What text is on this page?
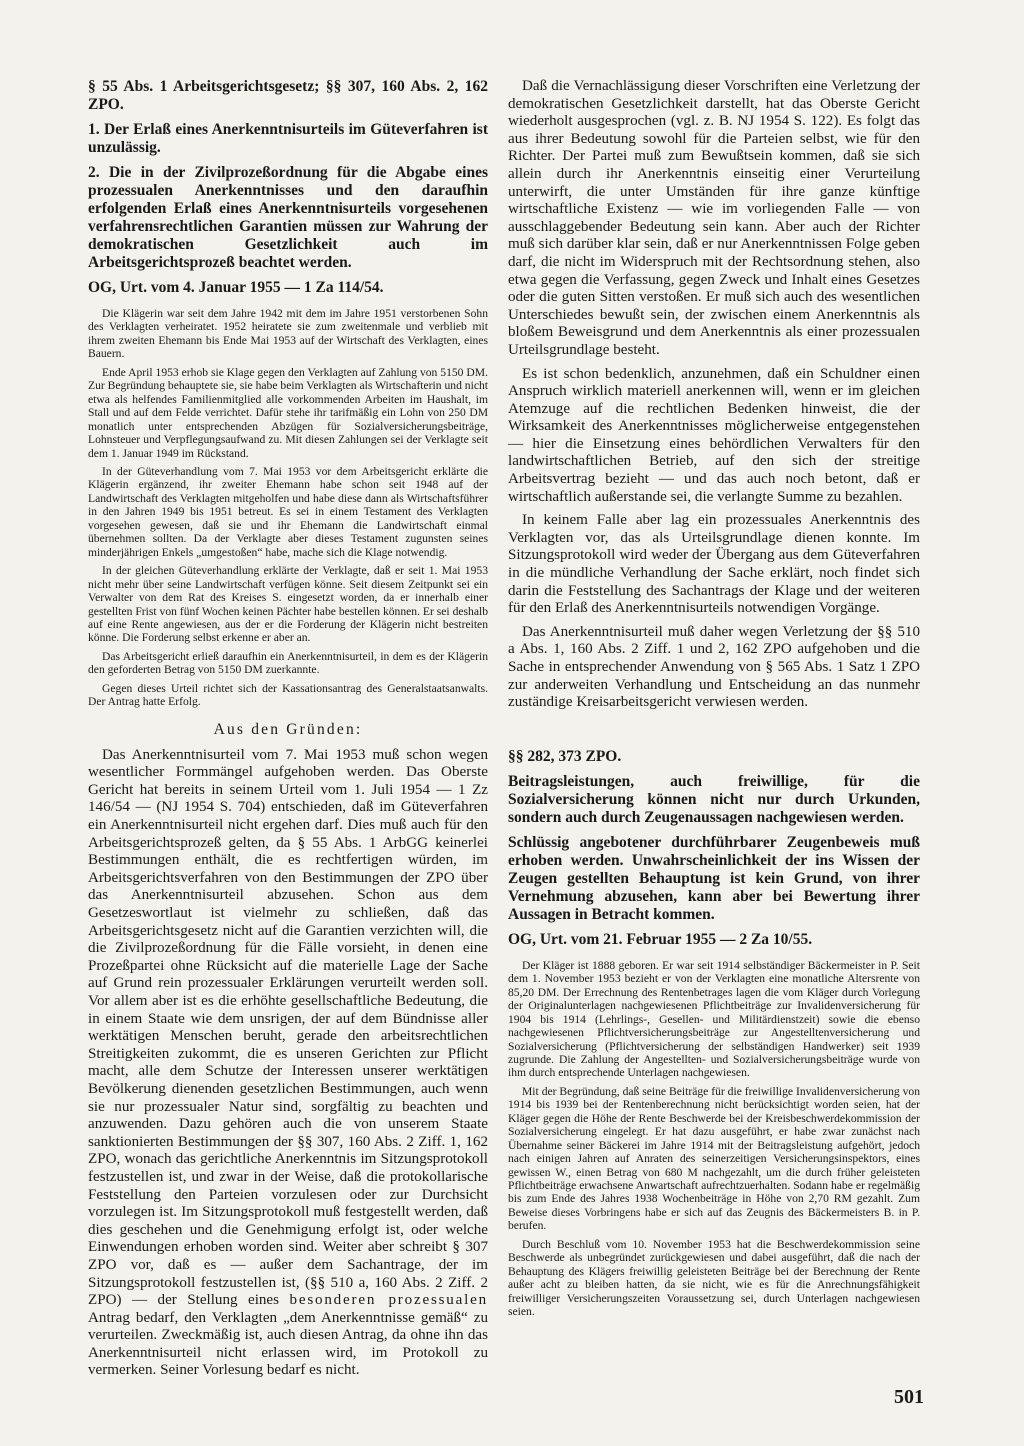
§ 55 Abs. 1 Arbeitsgerichtsgesetz; §§ 307, 160 Abs. 2, 162 ZPO.

1. Der Erlaß eines Anerkenntnisurteils im Güteverfahren ist unzulässig.

2. Die in der Zivilprozeßordnung für die Abgabe eines prozessualen Anerkenntnisses und den daraufhin erfolgenden Erlaß eines Anerkenntnisurteils vorgesehenen verfahrensrechtlichen Garantien müssen zur Wahrung der demokratischen Gesetzlichkeit auch im Arbeitsgerichtsprozeß beachtet werden.

OG, Urt. vom 4. Januar 1955 — 1 Za 114/54.

Die Klägerin war seit dem Jahre 1942 mit dem im Jahre 1951 verstorbenen Sohn des Verklagten verheiratet. 1952 heiratete sie zum zweitenmale und verblieb mit ihrem zweiten Ehemann bis Ende Mai 1953 auf der Wirtschaft des Verklagten, eines Bauern.

Ende April 1953 erhob sie Klage gegen den Verklagten auf Zahlung von 5150 DM. Zur Begründung behauptete sie, sie habe beim Verklagten als Wirtschafterin und nicht etwa als helfendes Familienmitglied alle vorkommenden Arbeiten im Haushalt, im Stall und auf dem Felde verrichtet. Dafür stehe ihr tarifmäßig ein Lohn von 250 DM monatlich unter entsprechenden Abzügen für Sozialversicherungsbeiträge, Lohnsteuer und Verpflegungsaufwand zu. Mit diesen Zahlungen sei der Verklagte seit dem 1. Januar 1949 im Rückstand.

In der Güteverhandlung vom 7. Mai 1953 vor dem Arbeitsgericht erklärte die Klägerin ergänzend, ihr zweiter Ehemann habe schon seit 1948 auf der Landwirtschaft des Verklagten mitgeholfen und habe diese dann als Wirtschaftsführer in den Jahren 1949 bis 1951 betreut. Es sei in einem Testament des Verklagten vorgesehen gewesen, daß sie und ihr Ehemann die Landwirtschaft einmal übernehmen sollten. Da der Verklagte aber dieses Testament zugunsten seines minderjährigen Enkels „umgestoßen“ habe, mache sich die Klage notwendig.

In der gleichen Güteverhandlung erklärte der Verklagte, daß er seit 1. Mai 1953 nicht mehr über seine Landwirtschaft verfügen könne. Seit diesem Zeitpunkt sei ein Verwalter von dem Rat des Kreises S. eingesetzt worden, da er innerhalb einer gestellten Frist von fünf Wochen keinen Pächter habe bestellen können. Er sei deshalb auf eine Rente angewiesen, aus der er die Forderung der Klägerin nicht bestreiten könne. Die Forderung selbst erkenne er aber an.

Das Arbeitsgericht erließ daraufhin ein Anerkenntnisurteil, in dem es der Klägerin den geforderten Betrag von 5150 DM zuerkannte.

Gegen dieses Urteil richtet sich der Kassationsantrag des Generalstaatsanwalts. Der Antrag hatte Erfolg.

Aus den Gründen:

Das Anerkenntnisurteil vom 7. Mai 1953 muß schon wegen wesentlicher Formmängel aufgehoben werden. Das Oberste Gericht hat bereits in seinem Urteil vom 1. Juli 1954 — 1 Zz 146/54 — (NJ 1954 S. 704) entschieden, daß im Güteverfahren ein Anerkenntnisurteil nicht ergehen darf. Dies muß auch für den Arbeitsgerichtsprozeß gelten, da § 55 Abs. 1 ArbGG keinerlei Bestimmungen enthält, die es rechtfertigen würden, im Arbeitsgerichtsverfahren von den Bestimmungen der ZPO über das Anerkenntnisurteil abzusehen. Schon aus dem Gesetzeswortlaut ist vielmehr zu schließen, daß das Arbeitsgerichtsgesetz nicht auf die Garantien verzichten will, die die Zivilprozeßordnung für die Fälle vorsieht, in denen eine Prozeßpartei ohne Rücksicht auf die materielle Lage der Sache auf Grund rein prozessualer Erklärungen verurteilt werden soll. Vor allem aber ist es die erhöhte gesellschaftliche Bedeutung, die in einem Staate wie dem unsrigen, der auf dem Bündnisse aller werktätigen Menschen beruht, gerade den arbeitsrechtlichen Streitigkeiten zukommt, die es unseren Gerichten zur Pflicht macht, alle dem Schutze der Interessen unserer werktätigen Bevölkerung dienenden gesetzlichen Bestimmungen, auch wenn sie nur prozessualer Natur sind, sorgfältig zu beachten und anzuwenden. Dazu gehören auch die von unserem Staate sanktionierten Bestimmungen der §§ 307, 160 Abs. 2 Ziff. 1, 162 ZPO, wonach das gerichtliche Anerkenntnis im Sitzungsprotokoll festzustellen ist, und zwar in der Weise, daß die protokollarische Feststellung den Parteien vorzulesen oder zur Durchsicht vorzulegen ist. Im Sitzungsprotokoll muß festgestellt werden, daß dies geschehen und die Genehmigung erfolgt ist, oder welche Einwendungen erhoben worden sind. Weiter aber schreibt § 307 ZPO vor, daß es — außer dem Sachantrage, der im Sitzungsprotokoll festzustellen ist, (§§ 510 a, 160 Abs. 2 Ziff. 2 ZPO) — der Stellung eines besonderen prozessualen Antrag bedarf, den Verklagten „dem Anerkenntnisse gemäß“ zu verurteilen. Zweckmäßig ist, auch diesen Antrag, da ohne ihn das Anerkenntnisurteil nicht erlassen wird, im Protokoll zu vermerken. Seiner Vorlesung bedarf es nicht.

Daß die Vernachlässigung dieser Vorschriften eine Verletzung der demokratischen Gesetzlichkeit darstellt, hat das Oberste Gericht wiederholt ausgesprochen (vgl. z. B. NJ 1954 S. 122). Es folgt das aus ihrer Bedeutung sowohl für die Parteien selbst, wie für den Richter. Der Partei muß zum Bewußtsein kommen, daß sie sich allein durch ihr Anerkenntnis einseitig einer Verurteilung unterwirft, die unter Umständen für ihre ganze künftige wirtschaftliche Existenz — wie im vorliegenden Falle — von ausschlaggebender Bedeutung sein kann. Aber auch der Richter muß sich darüber klar sein, daß er nur Anerkenntnissen Folge geben darf, die nicht im Widerspruch mit der Rechtsordnung stehen, also etwa gegen die Verfassung, gegen Zweck und Inhalt eines Gesetzes oder die guten Sitten verstoßen. Er muß sich auch des wesentlichen Unterschiedes bewußt sein, der zwischen einem Anerkenntnis als bloßem Beweisgrund und dem Anerkenntnis als einer prozessualen Urteilsgrundlage besteht.

Es ist schon bedenklich, anzunehmen, daß ein Schuldner einen Anspruch wirklich materiell anerkennen will, wenn er im gleichen Atemzuge auf die rechtlichen Bedenken hinweist, die der Wirksamkeit des Anerkenntnisses möglicherweise entgegenstehen — hier die Einsetzung eines behördlichen Verwalters für den landwirtschaftlichen Betrieb, auf den sich der streitige Arbeitsvertrag bezieht — und das auch noch betont, daß er wirtschaftlich außerstande sei, die verlangte Summe zu bezahlen.

In keinem Falle aber lag ein prozessuales Anerkenntnis des Verklagten vor, das als Urteilsgrundlage dienen konnte. Im Sitzungsprotokoll wird weder der Übergang aus dem Güteverfahren in die mündliche Verhandlung der Sache erklärt, noch findet sich darin die Feststellung des Sachantrags der Klage und der weiteren für den Erlaß des Anerkenntnisurteils notwendigen Vorgänge.

Das Anerkenntnisurteil muß daher wegen Verletzung der §§ 510 a Abs. 1, 160 Abs. 2 Ziff. 1 und 2, 162 ZPO aufgehoben und die Sache in entsprechender Anwendung von § 565 Abs. 1 Satz 1 ZPO zur anderweiten Verhandlung und Entscheidung an das nunmehr zuständige Kreisarbeitsgericht verwiesen werden.

§§ 282, 373 ZPO.

Beitragsleistungen, auch freiwillige, für die Sozialversicherung können nicht nur durch Urkunden, sondern auch durch Zeugenaussagen nachgewiesen werden.

Schlüssig angebotener durchführbarer Zeugenbeweis muß erhoben werden. Unwahrscheinlichkeit der ins Wissen der Zeugen gestellten Behauptung ist kein Grund, von ihrer Vernehmung abzusehen, kann aber bei Bewertung ihrer Aussagen in Betracht kommen.

OG, Urt. vom 21. Februar 1955 — 2 Za 10/55.

Der Kläger ist 1888 geboren. Er war seit 1914 selbständiger Bäckermeister in P. Seit dem 1. November 1953 bezieht er von der Verklagten eine monatliche Altersrente von 85,20 DM. Der Errechnung des Rentenbetrages lagen die vom Kläger durch Vorlegung der Originalunterlagen nachgewiesenen Pflichtbeiträge zur Invalidenversicherung für 1904 bis 1914 (Lehrlings-, Gesellen- und Militärdienstzeit) sowie die ebenso nachgewiesenen Pflichtversicherungsbeiträge zur Angestelltenversicherung und Sozialversicherung (Pflichtversicherung der selbständigen Handwerker) seit 1939 zugrunde. Die Zahlung der Angestellten- und Sozialversicherungsbeiträge wurde von ihm durch entsprechende Unterlagen nachgewiesen.

Mit der Begründung, daß seine Beiträge für die freiwillige Invalidenversicherung von 1914 bis 1939 bei der Rentenberechnung nicht berücksichtigt worden seien, hat der Kläger gegen die Höhe der Rente Beschwerde bei der Kreisbeschwerdekommission der Sozialversicherung eingelegt. Er hat dazu ausgeführt, er habe zwar zunächst nach Übernahme seiner Bäckerei im Jahre 1914 mit der Beitragsleistung aufgehört, jedoch nach einigen Jahren auf Anraten des seinerzeitigen Versicherungsinspektors, eines gewissen W., einen Betrag von 680 M nachgezahlt, um die durch früher geleisteten Pflichtbeiträge erwachsene Anwartschaft aufrechtzuerhalten. Sodann habe er regelmäßig bis zum Ende des Jahres 1938 Wochenbeiträge in Höhe von 2,70 RM gezahlt. Zum Beweise dieses Vorbringens habe er sich auf das Zeugnis des Bäckermeisters B. in P. berufen.

Durch Beschluß vom 10. November 1953 hat die Beschwerdekommission seine Beschwerde als unbegründet zurückgewiesen und dabei ausgeführt, daß die nach der Behauptung des Klägers freiwillig geleisteten Beiträge bei der Berechnung der Rente außer acht zu bleiben hatten, da sie nicht, wie es für die Anrechnungsfähigkeit freiwilliger Versicherungszeiten Voraussetzung sei, durch Unterlagen nachgewiesen seien.

501
